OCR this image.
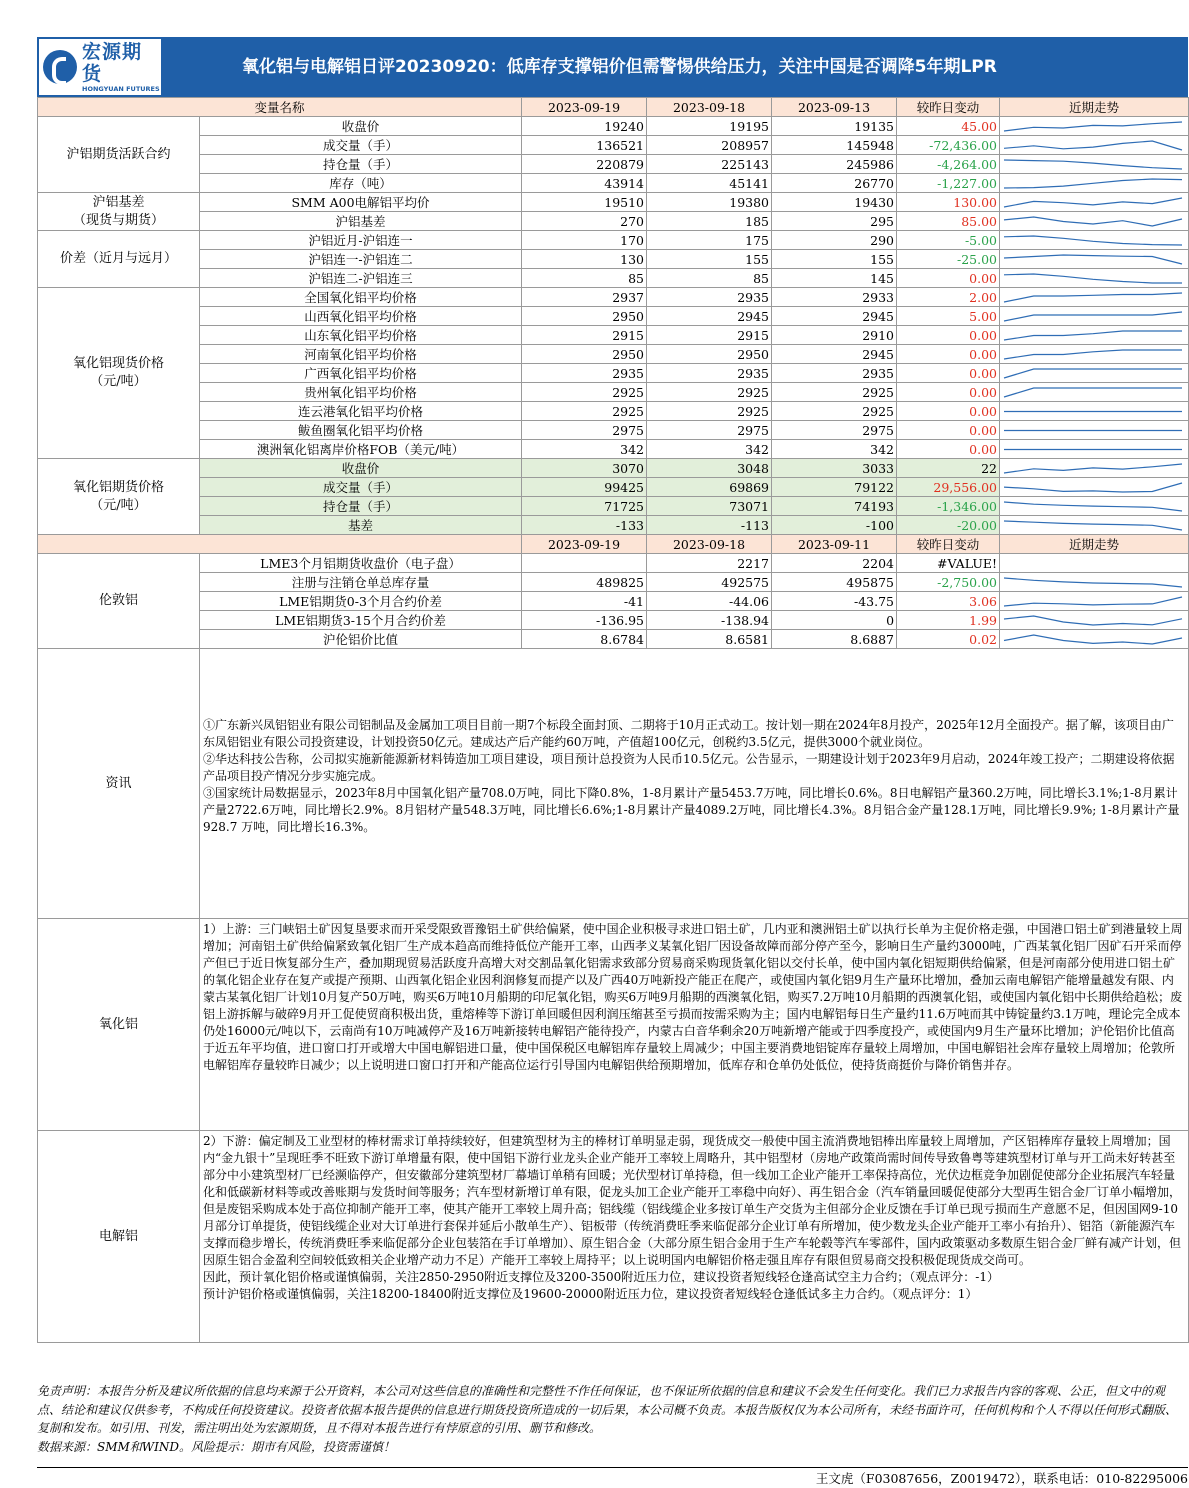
宏源期货
HONGYUAN FUTURES
氧化铝与电解铝日评20230920：低库存支撑铝价但需警惕供给压力，关注中国是否调降5年期LPR
变量名称		2023-09-19	2023-09-18	2023-09-13	较昨日变动	近期走势
沪铝期货活跃合约	收盘价	19240	19195	19135	45.00	

	成交量（手）	136521	208957	145948	-72,436.00	

	持仓量（手）	220879	225143	245986	-4,264.00	

	库存（吨）	43914	45141	26770	-1,227.00	

沪铝基差
（现货与期货）	SMM A00电解铝平均价	19510	19380	19430	130.00	

	沪铝基差	270	185	295	85.00	

价差（近月与远月）	沪铝近月-沪铝连一	170	175	290	-5.00	

	沪铝连一-沪铝连二	130	155	155	-25.00	

	沪铝连二-沪铝连三	85	85	145	0.00	

氧化铝现货价格
（元/吨）	全国氧化铝平均价格	2937	2935	2933	2.00	

	山西氧化铝平均价格	2950	2945	2945	5.00	

	山东氧化铝平均价格	2915	2915	2910	0.00	

	河南氧化铝平均价格	2950	2950	2945	0.00	

	广西氧化铝平均价格	2935	2935	2935	0.00	

	贵州氧化铝平均价格	2925	2925	2925	0.00	

	连云港氧化铝平均价格	2925	2925	2925	0.00	

	鲅鱼圈氧化铝平均价格	2975	2975	2975	0.00	

	澳洲氧化铝离岸价格FOB（美元/吨）	342	342	342	0.00	

氧化铝期货价格
（元/吨）	收盘价	3070	3048	3033	22	

	成交量（手）	99425	69869	79122	29,556.00	

	持仓量（手）	71725	73071	74193	-1,346.00	

	基差	-133	-113	-100	-20.00	

		2023-09-19	2023-09-18	2023-09-11	较昨日变动	近期走势
伦敦铝	LME3个月铝期货收盘价（电子盘）		2217	2204	#VALUE!	

	注册与注销仓单总库存量	489825	492575	495875	-2,750.00	

	LME铝期货0-3个月合约价差	-41	-44.06	-43.75	3.06	

	LME铝期货3-15个月合约价差	-136.95	-138.94	0	1.99	

	沪伦铝价比值	8.6784	8.6581	8.6887	0.02	

资讯	①广东新兴凤铝铝业有限公司铝制品及金属加工项目目前一期7个标段全面封顶、二期将于10月正式动工。按计划一期在2024年8月投产，2025年12月全面投产。据了解，该项目由广东凤铝铝业有限公司投资建设，计划投资50亿元。建成达产后产能约60万吨，产值超100亿元，创税约3.5亿元，提供3000个就业岗位。

②华达科技公告称，公司拟实施新能源新材料铸造加工项目建设，项目预计总投资为人民币10.5亿元。公告显示，一期建设计划于2023年9月启动，2024年竣工投产；二期建设将依据产品项目投产情况分步实施完成。

③国家统计局数据显示，2023年8月中国氧化铝产量708.0万吨，同比下降0.8%，1-8月累计产量5453.7万吨，同比增长0.6%。8日电解铝产量360.2万吨，同比增长3.1%;1-8月累计产量2722.6万吨，同比增长2.9%。8月铝材产量548.3万吨，同比增长6.6%;1-8月累计产量4089.2万吨，同比增长4.3%。8月铝合金产量128.1万吨，同比增长9.9%; 1-8月累计产量928.7 万吨，同比增长16.3%。					

氧化铝	1）上游：三门峡铝土矿因复垦要求而开采受限致晋豫铝土矿供给偏紧，使中国企业积极寻求进口铝土矿，几内亚和澳洲铝土矿以执行长单为主促价格走强，中国港口铝土矿到港量较上周增加；河南铝土矿供给偏紧致氧化铝厂生产成本趋高而维持低位产能开工率，山西孝义某氧化铝厂因设备故障而部分停产至今，影响日生产量约3000吨，广西某氧化铝厂因矿石开采而停产但已于近日恢复部分生产，叠加期现贸易活跃度升高增大对交割品氧化铝需求致部分贸易商采购现货氧化铝以交付长单，使中国内氧化铝短期供给偏紧，但是河南部分使用进口铝土矿的氧化铝企业存在复产或提产预期、山西氧化铝企业因利润修复而提产以及广西40万吨新投产能正在爬产，或使国内氧化铝9月生产量环比增加，叠加云南电解铝产能增量越发有限、内蒙古某氧化铝厂计划10月复产50万吨，购买6万吨10月船期的印尼氧化铝，购买6万吨9月船期的西澳氧化铝，购买7.2万吨10月船期的西澳氧化铝，或使国内氧化铝中长期供给趋松；废铝上游拆解与破碎9月开工促使贸商积极出货，重熔棒等下游订单回暖但因利润压缩甚至亏损而按需采购为主；国内电解铝每日生产量约11.6万吨而其中铸锭量约3.1万吨，理论完全成本仍处16000元/吨以下，云南尚有10万吨减停产及16万吨新接转电解铝产能待投产，内蒙古白音华剩余20万吨新增产能或于四季度投产，或使国内9月生产量环比增加；沪伦铝价比值高于近五年平均值，进口窗口打开或增大中国电解铝进口量，使中国保税区电解铝库存量较上周减少；中国主要消费地铝锭库存量较上周增加，中国电解铝社会库存量较上周增加；伦敦所电解铝库存量较昨日减少；以上说明进口窗口打开和产能高位运行引导国内电解铝供给预期增加，低库存和仓单仍处低位，使持货商挺价与降价销售并存。					

电解铝	2）下游：偏定制及工业型材的棒材需求订单持续较好，但建筑型材为主的棒材订单明显走弱，现货成交一般使中国主流消费地铝棒出库量较上周增加，产区铝棒库存量较上周增加；国内“金九银十”呈现旺季不旺致下游订单增量有限，使中国铝下游行业龙头企业产能开工率较上周略升，其中铝型材（房地产政策尚需时间传导致鲁粤等建筑型材订单与开工尚未好转甚至部分中小建筑型材厂已经濒临停产，但安徽部分建筑型材厂幕墙订单稍有回暖；光伏型材订单持稳，但一线加工企业产能开工率保持高位，光伏边框竞争加剧促使部分企业拓展汽车轻量化和低碳新材料等或改善账期与发货时间等服务；汽车型材新增订单有限，促龙头加工企业产能开工率稳中向好）、再生铝合金（汽车销量回暖促使部分大型再生铝合金厂订单小幅增加，但是废铝采购成本处于高位抑制产能开工率，使其产能开工率较上周升高；铝线缆（铝线缆企业多按订单生产交货为主但部分企业反馈在手订单已现亏损而生产意愿不足，但因国网9-10月部分订单提货，使铝线缆企业对大订单进行套保并延后小散单生产）、铝板带（传统消费旺季来临促部分企业订单有所增加，使少数龙头企业产能开工率小有抬升）、铝箔（新能源汽车支撑而稳步增长，传统消费旺季来临促部分企业包装箔在手订单增加）、原生铝合金（大部分原生铝合金用于生产车轮毂等汽车零部件，国内政策驱动多数原生铝合金厂鲜有减产计划，但因原生铝合金盈利空间较低致相关企业增产动力不足）产能开工率较上周持平；以上说明国内电解铝价格走强且库存有限但贸易商交投积极促现货成交尚可。

因此，预计氧化铝价格或谨慎偏弱，关注2850-2950附近支撑位及3200-3500附近压力位，建议投资者短线轻仓逢高试空主力合约；（观点评分：-1）

预计沪铝价格或谨慎偏弱，关注18200-18400附近支撑位及19600-20000附近压力位，建议投资者短线轻仓逢低试多主力合约。（观点评分：1）					

免责声明：本报告分析及建议所依据的信息均来源于公开资料，本公司对这些信息的准确性和完整性不作任何保证，也不保证所依据的信息和建议不会发生任何变化。我们已力求报告内容的客观、公正，但文中的观点、结论和建议仅供参考，不构成任何投资建议。投资者依据本报告提供的信息进行期货投资所造成的一切后果，本公司概不负责。本报告版权仅为本公司所有，未经书面许可，任何机构和个人不得以任何形式翻版、复制和发布。如引用、刊发，需注明出处为宏源期货，且不得对本报告进行有悖原意的引用、删节和修改。
数据来源：SMM和WIND。风险提示：期市有风险，投资需谨慎！
王文虎（F03087656，Z0019472），联系电话：010-82295006
